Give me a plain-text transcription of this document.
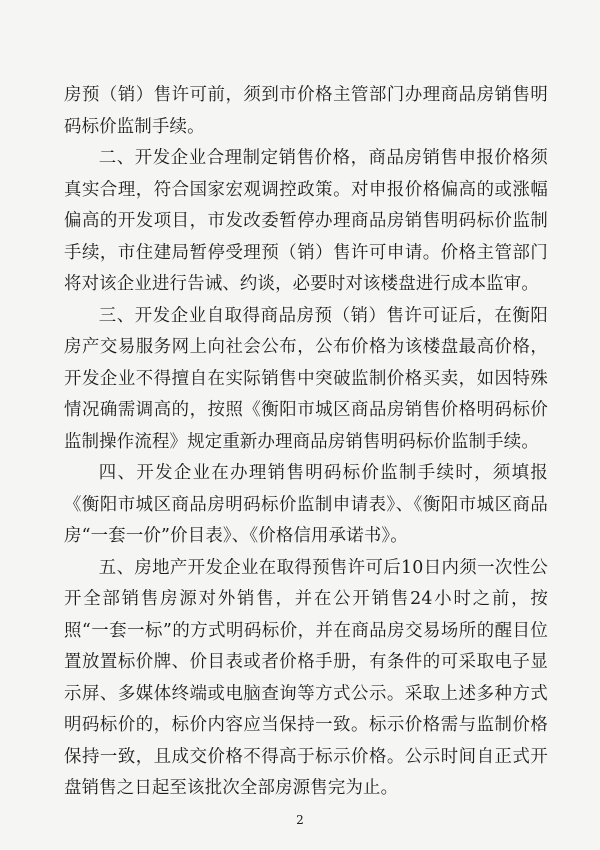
房预（销）售许可前，须到市价格主管部门办理商品房销售明码标价监制手续。

二、开发企业合理制定销售价格，商品房销售申报价格须真实合理，符合国家宏观调控政策。对申报价格偏高的或涨幅偏高的开发项目，市发改委暂停办理商品房销售明码标价监制手续，市住建局暂停受理预（销）售许可申请。价格主管部门将对该企业进行告诫、约谈，必要时对该楼盘进行成本监审。

三、开发企业自取得商品房预（销）售许可证后，在衡阳房产交易服务网上向社会公布，公布价格为该楼盘最高价格，开发企业不得擅自在实际销售中突破监制价格买卖，如因特殊情况确需调高的，按照《衡阳市城区商品房销售价格明码标价监制操作流程》规定重新办理商品房销售明码标价监制手续。

四、开发企业在办理销售明码标价监制手续时，须填报《衡阳市城区商品房明码标价监制申请表》、《衡阳市城区商品房“一套一价”价目表》、《价格信用承诺书》。

五、房地产开发企业在取得预售许可后10日内须一次性公开全部销售房源对外销售，并在公开销售24小时之前，按照“一套一标”的方式明码标价，并在商品房交易场所的醒目位置放置标价牌、价目表或者价格手册，有条件的可采取电子显示屏、多媒体终端或电脑查询等方式公示。采取上述多种方式明码标价的，标价内容应当保持一致。标示价格需与监制价格保持一致，且成交价格不得高于标示价格。公示时间自正式开盘销售之日起至该批次全部房源售完为止。

2
